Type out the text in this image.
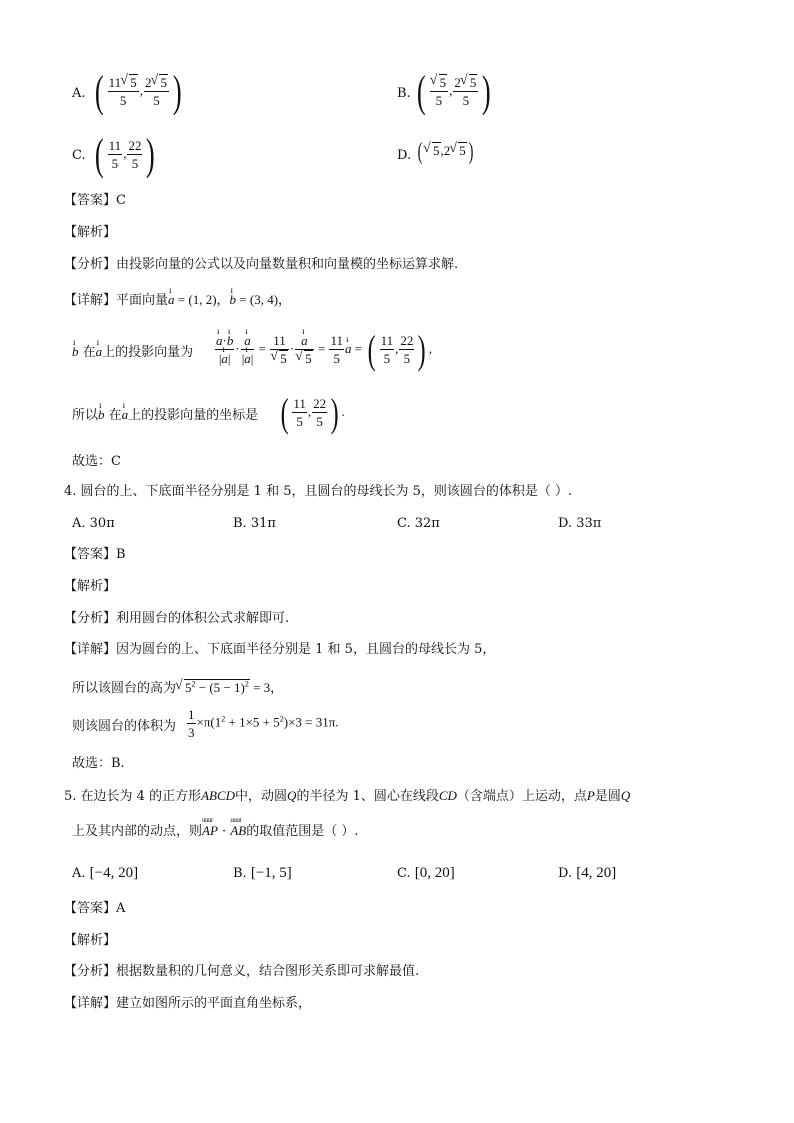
A. ( $\frac{11 √ 5}{5}$ , $\frac{2 √ 5}{5}$ )	B. ( √ $\frac{5}{5}$ , $\frac{2 √ 5}{5}$ )
C. ( $\frac{11}{5}$ , $\frac{22}{5}$ )	D. ( √ 5,2 √ 5 )
【答案】C
【解析】
【分析】由投影向量的公式以及向量数量积和向量模的坐标运算求解.
【详解】平面向量ı a = (1, 2)，ı b = (3, 4)，
ı b 在ı a上的投影向量为 ı $\frac{\text{a·ı b}}{\text{|ı a|}}$ · ı $\frac{a}{\text{|ı a|}} = 11$
√ 5 · ı a
√ $5 = \frac{11}{5}$ ı a = ( $\frac{11}{5}$ , $\frac{22}{5}$ ) ,
所以ı b 在ı a上的投影向量的坐标是 ( $\frac{11}{5}$ , $\frac{22}{5}$ ) .
故选：C
4. 圆台的上、下底面半径分别是 1 和 5，且圆台的母线长为 5，则该圆台的体积是（ ）.
A. 30π	B. 31π	C. 32π	D. 33π
【答案】B
【解析】
【分析】利用圆台的体积公式求解即可.
【详解】因为圆台的上、下底面半径分别是 1 和 5，且圆台的母线长为 5，
所以该圆台的高为 √ $5^2 - (5 - 1)^2 = 3$，
则该圆台的体积为 $\frac{1}{3} \times\pi(1^2 + 1\times 5 + 5^2)\times 3 = 31\pi$.
故选：B.
5. 在边长为 4 的正方形ABCD中，动圆Q的半径为 1、圆心在线段CD（含端点）上运动，点P是圆Q
上及其内部的动点，则uuur AP · uuur AB的取值范围是（ ）.
A. [−4, 20]	B. [−1, 5]	C. [0, 20]	D. [4, 20]
【答案】A
【解析】
【分析】根据数量积的几何意义，结合图形关系即可求解最值.
【详解】建立如图所示的平面直角坐标系，
